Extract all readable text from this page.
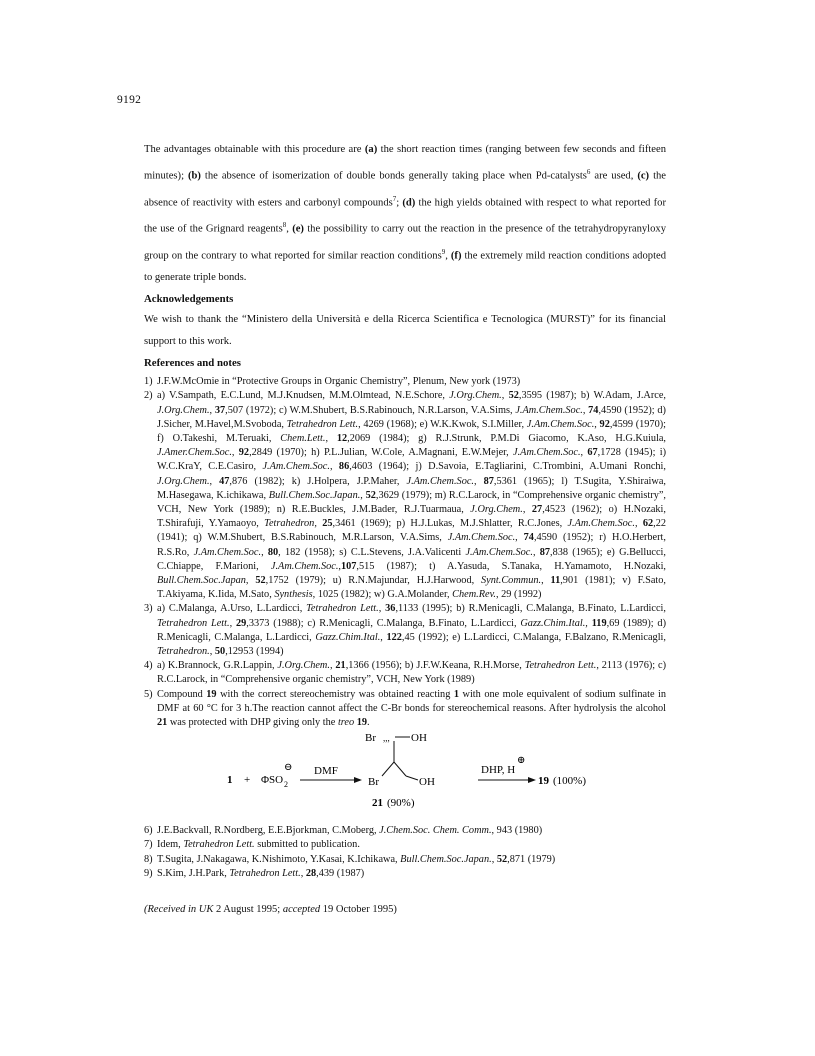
9192

The advantages obtainable with this procedure are (a) the short reaction times (ranging between few seconds and fifteen minutes); (b) the absence of isomerization of double bonds generally taking place when Pd-catalysts$^6$ are used, (c) the absence of reactivity with esters and carbonyl compounds$^7$; (d) the high yields obtained with respect to what reported for the use of the Grignard reagents$^8$, (e) the possibility to carry out the reaction in the presence of the tetrahydropyranyloxy group on the contrary to what reported for similar reaction conditions$^9$, (f) the extremely mild reaction conditions adopted to generate triple bonds.

Acknowledgements

We wish to thank the “Ministero della Università e della Ricerca Scientifica e Tecnologica (MURST)” for its financial support to this work.

References and notes

1) J.F.W.McOmie in “Protective Groups in Organic Chemistry”, Plenum, New york (1973)
2) a) V.Sampath, E.C.Lund, M.J.Knudsen, M.M.Olmtead, N.E.Schore, J.Org.Chem., 52,3595 (1987); b) W.Adam, J.Arce, J.Org.Chem., 37,507 (1972); c) W.M.Shubert, B.S.Rabinouch, N.R.Larson, V.A.Sims, J.Am.Chem.Soc., 74,4590 (1952); d) J.Sicher, M.Havel,M.Svoboda, Tetrahedron Lett., 4269 (1968); e) W.K.Kwok, S.I.Miller, J.Am.Chem.Soc., 92,4599 (1970); f) O.Takeshi, M.Teruaki, Chem.Lett., 12,2069 (1984); g) R.J.Strunk, P.M.Di Giacomo, K.Aso, H.G.Kuiula, J.Amer.Chem.Soc., 92,2849 (1970); h) P.L.Julian, W.Cole, A.Magnani, E.W.Mejer, J.Am.Chem.Soc., 67,1728 (1945); i) W.C.KraY, C.E.Casiro, J.Am.Chem.Soc., 86,4603 (1964); j) D.Savoia, E.Tagliarini, C.Trombini, A.Umani Ronchi, J.Org.Chem., 47,876 (1982); k) J.Holpera, J.P.Maher, J.Am.Chem.Soc., 87,5361 (1965); l) T.Sugita, Y.Shiraiwa, M.Hasegawa, K.ichikawa, Bull.Chem.Soc.Japan., 52,3629 (1979); m) R.C.Larock, in “Comprehensive organic chemistry”, VCH, New York (1989); n) R.E.Buckles, J.M.Bader, R.J.Tuarmaua, J.Org.Chem., 27,4523 (1962); o) H.Nozaki, T.Shirafuji, Y.Yamaoyo, Tetrahedron, 25,3461 (1969); p) H.J.Lukas, M.J.Shlatter, R.C.Jones, J.Am.Chem.Soc., 62,22 (1941); q) W.M.Shubert, B.S.Rabinouch, M.R.Larson, V.A.Sims, J.Am.Chem.Soc., 74,4590 (1952); r) H.O.Herbert, R.S.Ro, J.Am.Chem.Soc., 80, 182 (1958); s) C.L.Stevens, J.A.Valicenti J.Am.Chem.Soc., 87,838 (1965); e) G.Bellucci, C.Chiappe, F.Marioni, J.Am.Chem.Soc.,107,515 (1987); t) A.Yasuda, S.Tanaka, H.Yamamoto, H.Nozaki, Bull.Chem.Soc.Japan, 52,1752 (1979); u) R.N.Majundar, H.J.Harwood, Synt.Commun., 11,901 (1981); v) F.Sato, T.Akiyama, K.Iida, M.Sato, Synthesis, 1025 (1982); w) G.A.Molander, Chem.Rev., 29 (1992)
3) a) C.Malanga, A.Urso, L.Lardicci, Tetrahedron Lett., 36,1133 (1995); b) R.Menicagli, C.Malanga, B.Finato, L.Lardicci, Tetrahedron Lett., 29,3373 (1988); c) R.Menicagli, C.Malanga, B.Finato, L.Lardicci, Gazz.Chim.Ital., 119,69 (1989); d) R.Menicagli, C.Malanga, L.Lardicci, Gazz.Chim.Ital., 122,45 (1992); e) L.Lardicci, C.Malanga, F.Balzano, R.Menicagli, Tetrahedron., 50,12953 (1994)
4) a) K.Brannock, G.R.Lappin, J.Org.Chem., 21,1366 (1956); b) J.F.W.Keana, R.H.Morse, Tetrahedron Lett., 2113 (1976); c) R.C.Larock, in “Comprehensive organic chemistry”, VCH, New York (1989)
5) Compound 19 with the correct stereochemistry was obtained reacting 1 with one mole equivalent of sodium sulfinate in DMF at 60 °C for 3 h.The reaction cannot affect the C-Br bonds for stereochemical reasons. After hydrolysis the alcohol 21 was protected with DHP giving only the treo 19.
1 + ΦSO 2
⊖ DMF
Br ,,, OH
Br	OH
21 (90%)
DHP, H
⊕
19 (100%)
6) J.E.Backvall, R.Nordberg, E.E.Bjorkman, C.Moberg, J.Chem.Soc. Chem. Comm., 943 (1980)
7) Idem, Tetrahedron Lett. submitted to publication.
8) T.Sugita, J.Nakagawa, K.Nishimoto, Y.Kasai, K.Ichikawa, Bull.Chem.Soc.Japan., 52,871 (1979)
9) S.Kim, J.H.Park, Tetrahedron Lett., 28,439 (1987)
(Received in UK 2 August 1995; accepted 19 October 1995)
